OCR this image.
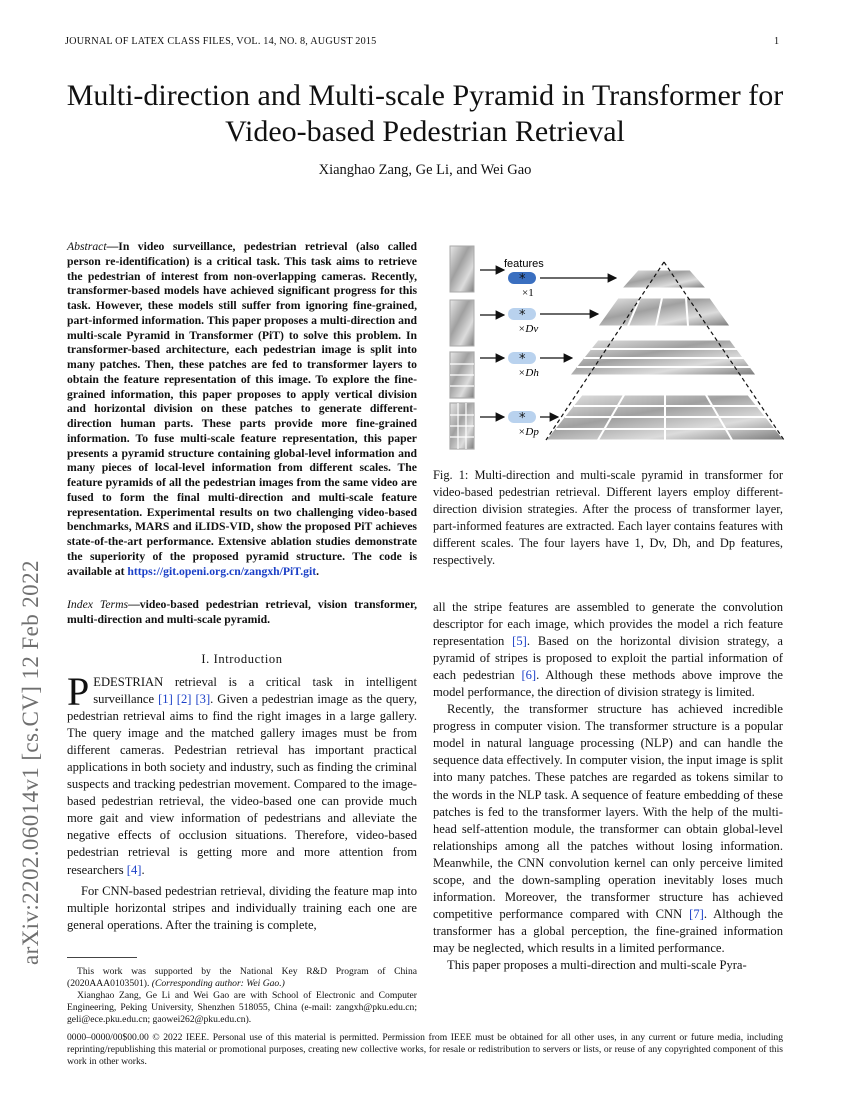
JOURNAL OF LATEX CLASS FILES, VOL. 14, NO. 8, AUGUST 2015	1
Multi-direction and Multi-scale Pyramid in Transformer for Video-based Pedestrian Retrieval
Xianghao Zang, Ge Li, and Wei Gao
arXiv:2202.06014v1 [cs.CV] 12 Feb 2022
Abstract—In video surveillance, pedestrian retrieval (also called person re-identification) is a critical task. This task aims to retrieve the pedestrian of interest from non-overlapping cameras. Recently, transformer-based models have achieved significant progress for this task. However, these models still suffer from ignoring fine-grained, part-informed information. This paper proposes a multi-direction and multi-scale Pyramid in Transformer (PiT) to solve this problem. In transformer-based architecture, each pedestrian image is split into many patches. Then, these patches are fed to transformer layers to obtain the feature representation of this image. To explore the fine-grained information, this paper proposes to apply vertical division and horizontal division on these patches to generate different-direction human parts. These parts provide more fine-grained information. To fuse multi-scale feature representation, this paper presents a pyramid structure containing global-level information and many pieces of local-level information from different scales. The feature pyramids of all the pedestrian images from the same video are fused to form the final multi-direction and multi-scale feature representation. Experimental results on two challenging video-based benchmarks, MARS and iLIDS-VID, show the proposed PiT achieves state-of-the-art performance. Extensive ablation studies demonstrate the superiority of the proposed pyramid structure. The code is available at https://git.openi.org.cn/zangxh/PiT.git.
Index Terms—video-based pedestrian retrieval, vision transformer, multi-direction and multi-scale pyramid.
I. Introduction

PEDESTRIAN retrieval is a critical task in intelligent surveillance [1] [2] [3]. Given a pedestrian image as the query, pedestrian retrieval aims to find the right images in a large gallery. The query image and the matched gallery images must be from different cameras. Pedestrian retrieval has important practical applications in both society and industry, such as finding the criminal suspects and tracking pedestrian movement. Compared to the image-based pedestrian retrieval, the video-based one can provide much more gait and view information of pedestrians and alleviate the negative effects of occlusion situations. Therefore, video-based pedestrian retrieval is getting more and more attention from researchers [4].

For CNN-based pedestrian retrieval, dividing the feature map into multiple horizontal stripes and individually training each one are general operations. After the training is complete,

This work was supported by the National Key R&D Program of China (2020AAA0103501). (Corresponding author: Wei Gao.)

Xianghao Zang, Ge Li and Wei Gao are with School of Electronic and Computer Engineering, Peking University, Shenzhen 518055, China (e-mail: zangxh@pku.edu.cn; geli@ece.pku.edu.cn; gaowei262@pku.edu.cn).

features
*
×1
*
×Dv
*
×Dh
*
×Dp
Fig. 1: Multi-direction and multi-scale pyramid in transformer for video-based pedestrian retrieval. Different layers employ different-direction division strategies. After the process of transformer layer, part-informed features are extracted. Each layer contains features with different scales. The four layers have 1, Dv, Dh, and Dp features, respectively.

all the stripe features are assembled to generate the convolution descriptor for each image, which provides the model a rich feature representation [5]. Based on the horizontal division strategy, a pyramid of stripes is proposed to exploit the partial information of each pedestrian [6]. Although these methods above improve the model performance, the direction of division strategy is limited.

Recently, the transformer structure has achieved incredible progress in computer vision. The transformer structure is a popular model in natural language processing (NLP) and can handle the sequence data effectively. In computer vision, the input image is split into many patches. These patches are regarded as tokens similar to the words in the NLP task. A sequence of feature embedding of these patches is fed to the transformer layers. With the help of the multi-head self-attention module, the transformer can obtain global-level relationships among all the patches without losing information. Meanwhile, the CNN convolution kernel can only perceive limited scope, and the down-sampling operation inevitably loses much information. Moreover, the transformer structure has achieved competitive performance compared with CNN [7]. Although the transformer has a global perception, the fine-grained information may be neglected, which results in a limited performance.

This paper proposes a multi-direction and multi-scale Pyra-

0000–0000/00$00.00 © 2022 IEEE. Personal use of this material is permitted. Permission from IEEE must be obtained for all other uses, in any current or future media, including reprinting/republishing this material or promotional purposes, creating new collective works, for resale or redistribution to servers or lists, or reuse of any copyrighted component of this work in other works.
